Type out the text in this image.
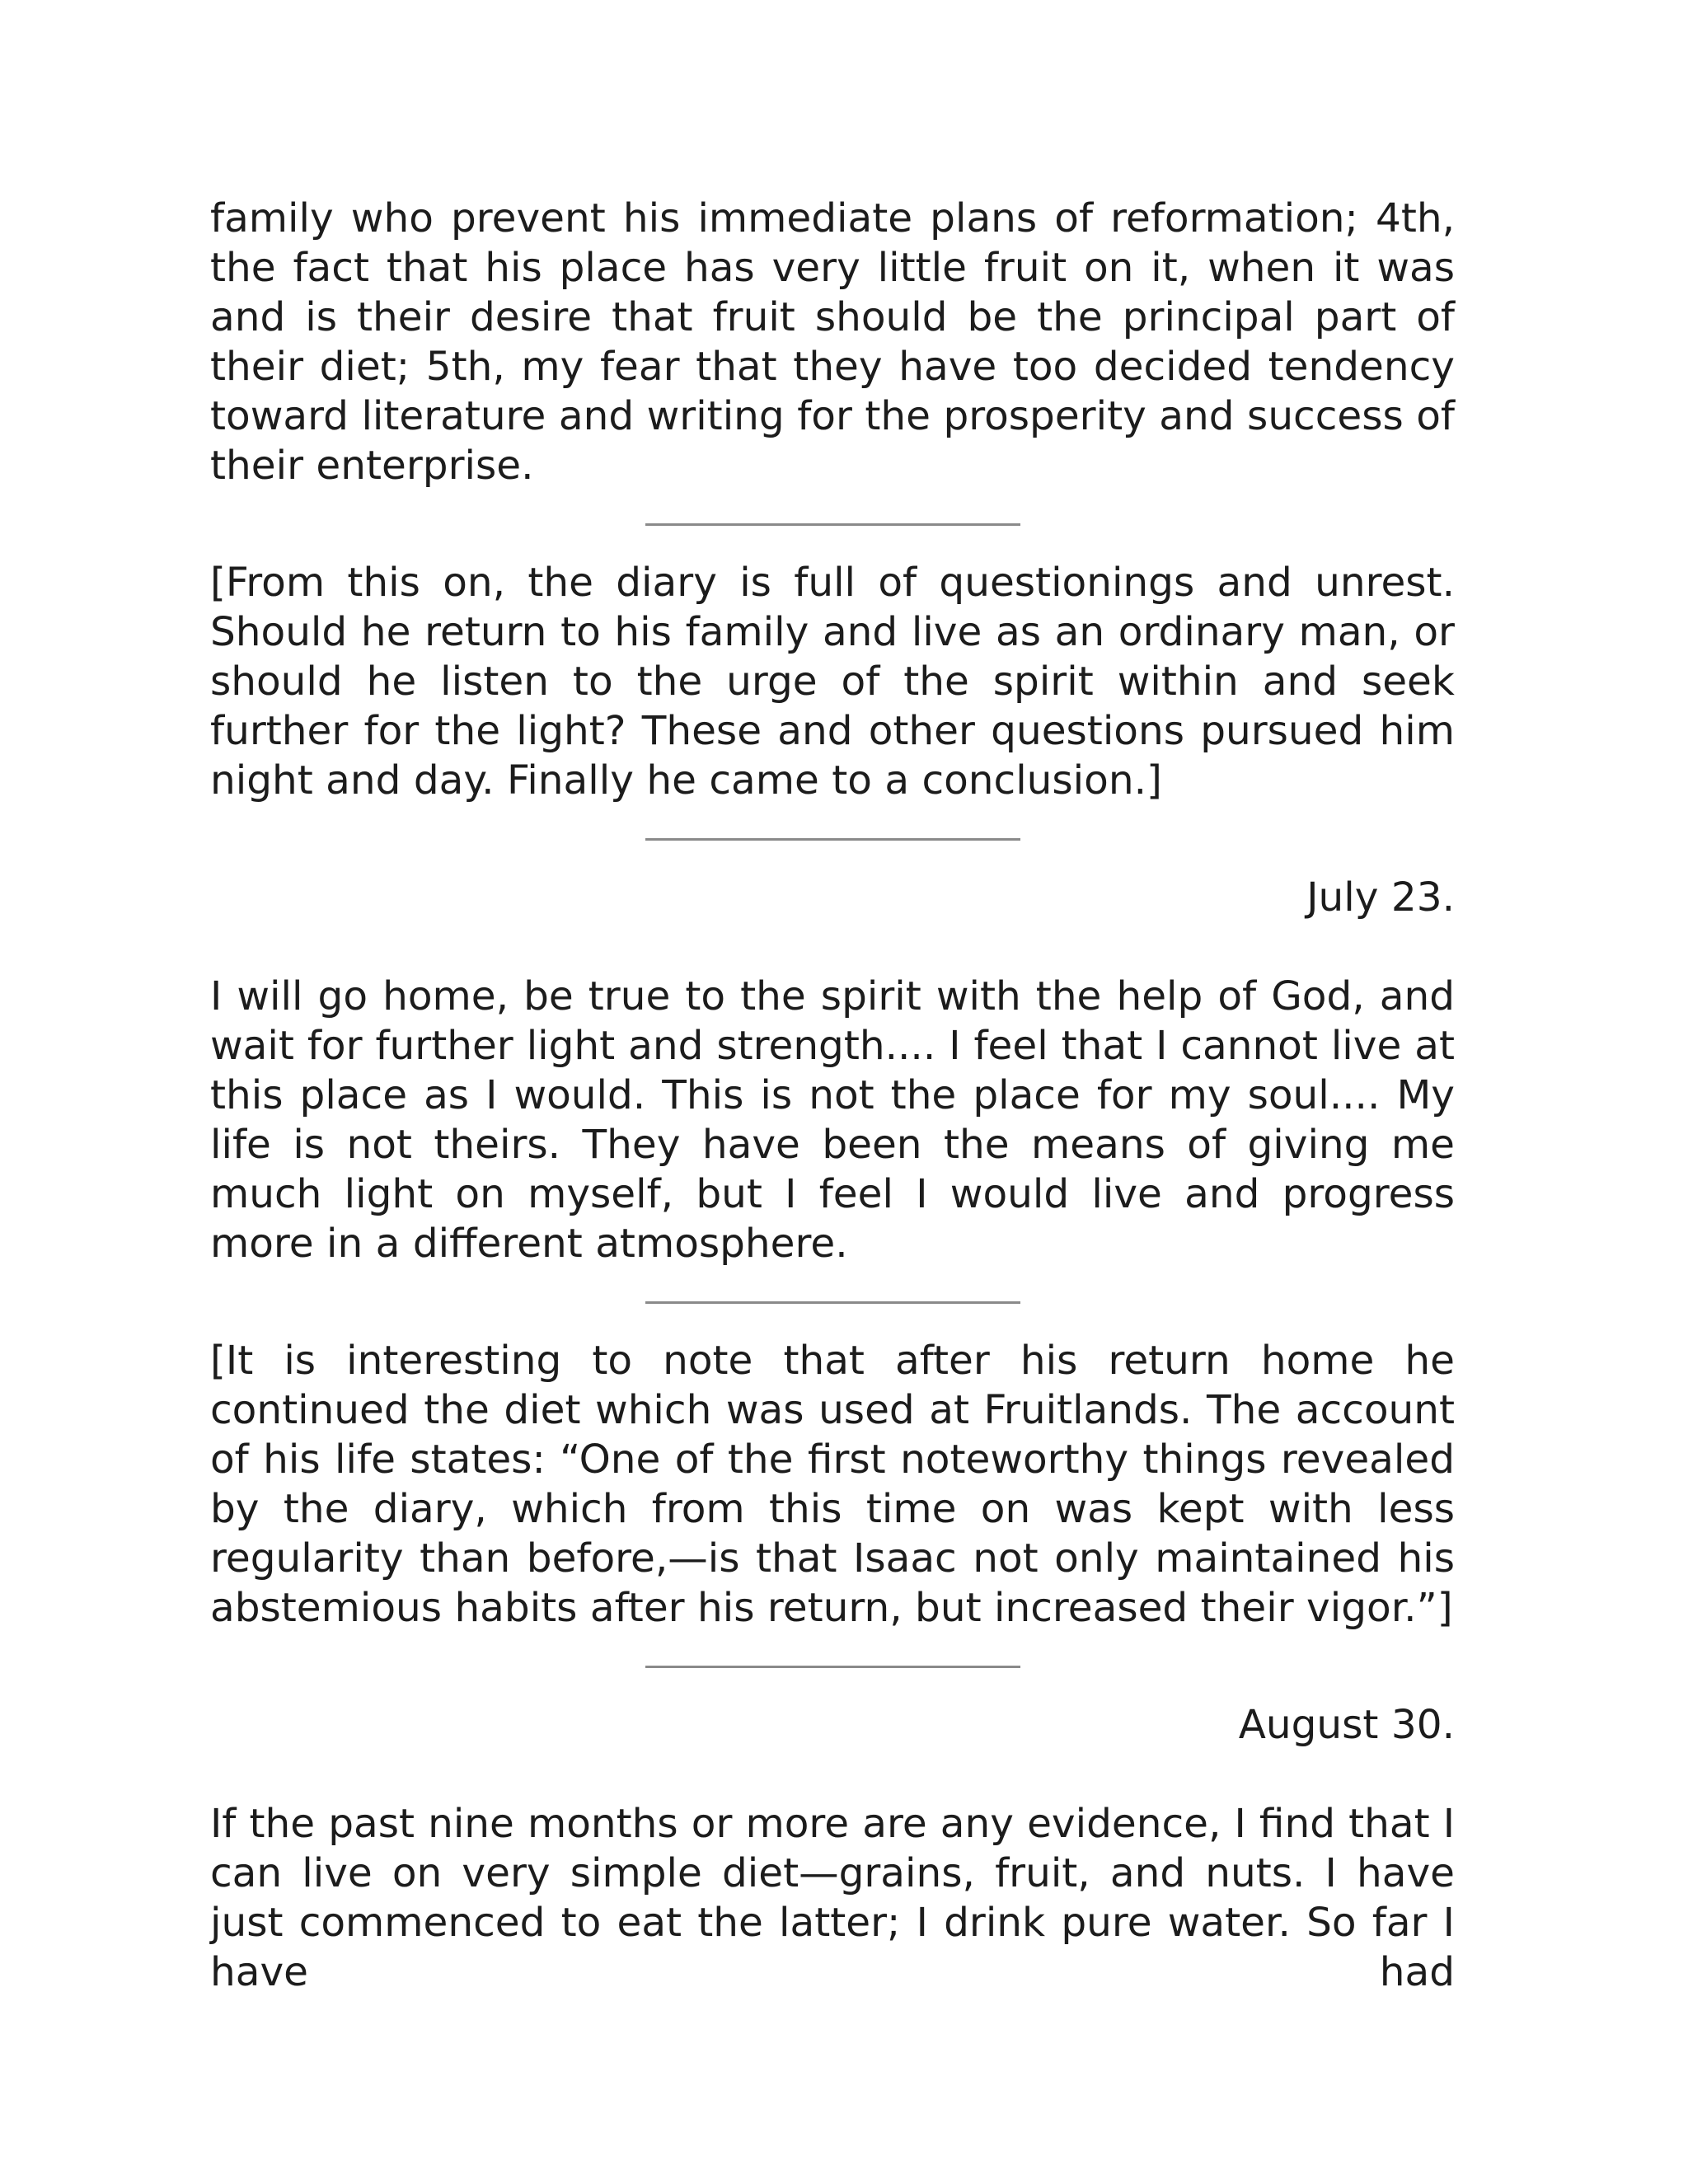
family who prevent his immediate plans of reformation; 4th, the fact that his place has very little fruit on it, when it was and is their desire that fruit should be the principal part of their diet; 5th, my fear that they have too decided tendency toward literature and writing for the prosperity and success of their enterprise.

[From this on, the diary is full of questionings and unrest. Should he return to his family and live as an ordinary man, or should he listen to the urge of the spirit within and seek further for the light? These and other questions pursued him night and day. Finally he came to a conclusion.]

July 23.

I will go home, be true to the spirit with the help of God, and wait for further light and strength.... I feel that I cannot live at this place as I would. This is not the place for my soul.... My life is not theirs. They have been the means of giving me much light on myself, but I feel I would live and progress more in a different atmosphere.

[It is interesting to note that after his return home he continued the diet which was used at Fruitlands. The account of his life states: “One of the first noteworthy things revealed by the diary, which from this time on was kept with less regularity than before,—is that Isaac not only maintained his abstemious habits after his return, but increased their vigor.”]

August 30.

If the past nine months or more are any evidence, I find that I can live on very simple diet—grains, fruit, and nuts. I have just commenced to eat the latter; I drink pure water. So far I have had
